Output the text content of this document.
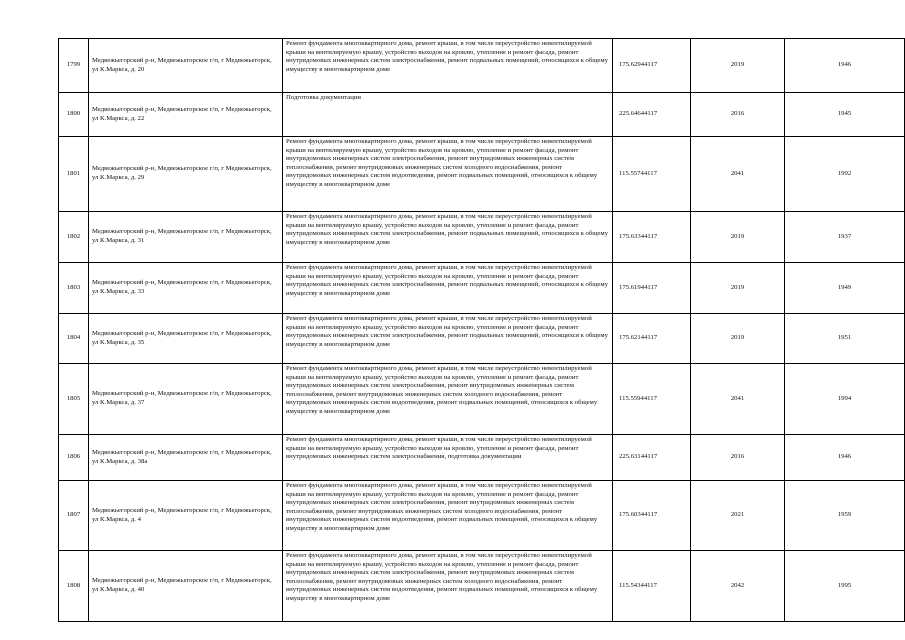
1799	Медвежьегорский р-н, Медвежьегорское г/п, г Медвежьегорск, ул К.Маркса, д. 20	Ремонт фундамента многоквартирного дома, ремонт крыши, в том числе переустройство невентилируемой крыши на вентилируемую крышу, устройство выходов на кровлю, утепление и ремонт фасада, ремонт внутридомовых инженерных систем электроснабжения, ремонт подвальных помещений, относящихся к общему имуществу в многоквартирном доме	175.62944117	2019	1946
1800	Медвежьегорский р-н, Медвежьегорское г/п, г Медвежьегорск, ул К.Маркса, д. 22	Подготовка документации	225.64644117	2016	1945
1801	Медвежьегорский р-н, Медвежьегорское г/п, г Медвежьегорск, ул К.Маркса, д. 29	Ремонт фундамента многоквартирного дома, ремонт крыши, в том числе переустройство невентилируемой крыши на вентилируемую крышу, устройство выходов на кровлю, утепление и ремонт фасада, ремонт внутридомовых инженерных систем электроснабжения, ремонт внутридомовых инженерных систем теплоснабжения, ремонт внутридомовых инженерных систем холодного водоснабжения, ремонт внутридомовых инженерных систем водоотведения, ремонт подвальных помещений, относящихся к общему имуществу в многоквартирном доме	115.55744117	2041	1992
1802	Медвежьегорский р-н, Медвежьегорское г/п, г Медвежьегорск, ул К.Маркса, д. 31	Ремонт фундамента многоквартирного дома, ремонт крыши, в том числе переустройство невентилируемой крыши на вентилируемую крышу, устройство выходов на кровлю, утепление и ремонт фасада, ремонт внутридомовых инженерных систем электроснабжения, ремонт подвальных помещений, относящихся к общему имуществу в многоквартирном доме	175.63344117	2019	1937
1803	Медвежьегорский р-н, Медвежьегорское г/п, г Медвежьегорск, ул К.Маркса, д. 33	Ремонт фундамента многоквартирного дома, ремонт крыши, в том числе переустройство невентилируемой крыши на вентилируемую крышу, устройство выходов на кровлю, утепление и ремонт фасада, ремонт внутридомовых инженерных систем электроснабжения, ремонт подвальных помещений, относящихся к общему имуществу в многоквартирном доме	175.61944117	2019	1949
1804	Медвежьегорский р-н, Медвежьегорское г/п, г Медвежьегорск, ул К.Маркса, д. 35	Ремонт фундамента многоквартирного дома, ремонт крыши, в том числе переустройство невентилируемой крыши на вентилируемую крышу, устройство выходов на кровлю, утепление и ремонт фасада, ремонт внутридомовых инженерных систем электроснабжения, ремонт подвальных помещений, относящихся к общему имуществу в многоквартирном доме	175.62144117	2019	1951
1805	Медвежьегорский р-н, Медвежьегорское г/п, г Медвежьегорск, ул К.Маркса, д. 37	Ремонт фундамента многоквартирного дома, ремонт крыши, в том числе переустройство невентилируемой крыши на вентилируемую крышу, устройство выходов на кровлю, утепление и ремонт фасада, ремонт внутридомовых инженерных систем электроснабжения, ремонт внутридомовых инженерных систем теплоснабжения, ремонт внутридомовых инженерных систем холодного водоснабжения, ремонт внутридомовых инженерных систем водоотведения, ремонт подвальных помещений, относящихся к общему имуществу в многоквартирном доме	115.55944117	2041	1994
1806	Медвежьегорский р-н, Медвежьегорское г/п, г Медвежьегорск, ул К.Маркса, д. 38а	Ремонт фундамента многоквартирного дома, ремонт крыши, в том числе переустройство невентилируемой крыши на вентилируемую крышу, устройство выходов на кровлю, утепление и ремонт фасада, ремонт внутридомовых инженерных систем электроснабжения, подготовка документации	225.63144117	2016	1946
1807	Медвежьегорский р-н, Медвежьегорское г/п, г Медвежьегорск, ул К.Маркса, д. 4	Ремонт фундамента многоквартирного дома, ремонт крыши, в том числе переустройство невентилируемой крыши на вентилируемую крышу, устройство выходов на кровлю, утепление и ремонт фасада, ремонт внутридомовых инженерных систем электроснабжения, ремонт внутридомовых инженерных систем теплоснабжения, ремонт внутридомовых инженерных систем холодного водоснабжения, ремонт внутридомовых инженерных систем водоотведения, ремонт подвальных помещений, относящихся к общему имуществу в многоквартирном доме	175.60344117	2021	1959
1808	Медвежьегорский р-н, Медвежьегорское г/п, г Медвежьегорск, ул К.Маркса, д. 40	Ремонт фундамента многоквартирного дома, ремонт крыши, в том числе переустройство невентилируемой крыши на вентилируемую крышу, устройство выходов на кровлю, утепление и ремонт фасада, ремонт внутридомовых инженерных систем электроснабжения, ремонт внутридомовых инженерных систем теплоснабжения, ремонт внутридомовых инженерных систем холодного водоснабжения, ремонт внутридомовых инженерных систем водоотведения, ремонт подвальных помещений, относящихся к общему имуществу в многоквартирном доме	115.54344117	2042	1995
